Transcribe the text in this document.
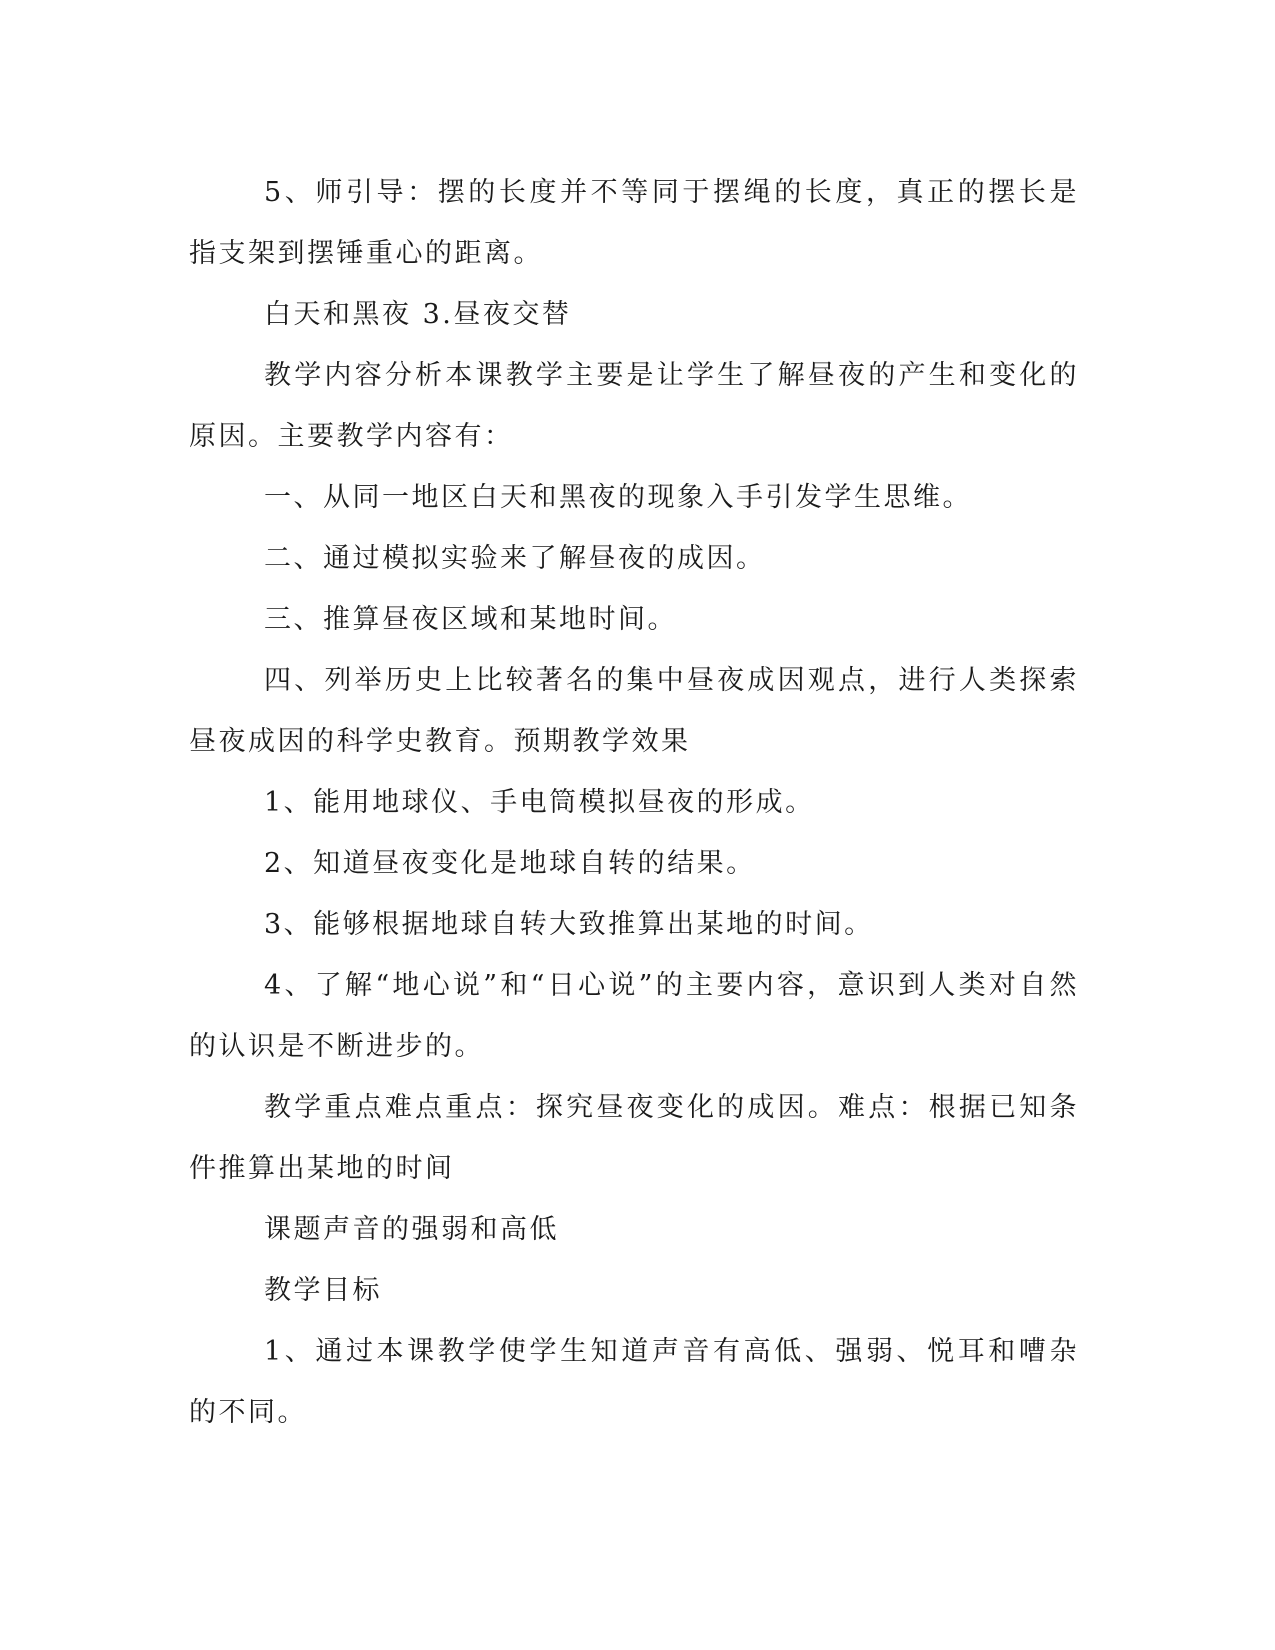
5、师引导：摆的长度并不等同于摆绳的长度，真正的摆长是指支架到摆锤重心的距离。

白天和黑夜 3.昼夜交替

教学内容分析本课教学主要是让学生了解昼夜的产生和变化的原因。主要教学内容有：

一、从同一地区白天和黑夜的现象入手引发学生思维。

二、通过模拟实验来了解昼夜的成因。

三、推算昼夜区域和某地时间。

四、列举历史上比较著名的集中昼夜成因观点，进行人类探索昼夜成因的科学史教育。预期教学效果

1、能用地球仪、手电筒模拟昼夜的形成。

2、知道昼夜变化是地球自转的结果。

3、能够根据地球自转大致推算出某地的时间。

4、了解“地心说”和“日心说”的主要内容，意识到人类对自然的认识是不断进步的。

教学重点难点重点：探究昼夜变化的成因。难点：根据已知条件推算出某地的时间

课题声音的强弱和高低

教学目标

1、通过本课教学使学生知道声音有高低、强弱、悦耳和嘈杂的不同。
